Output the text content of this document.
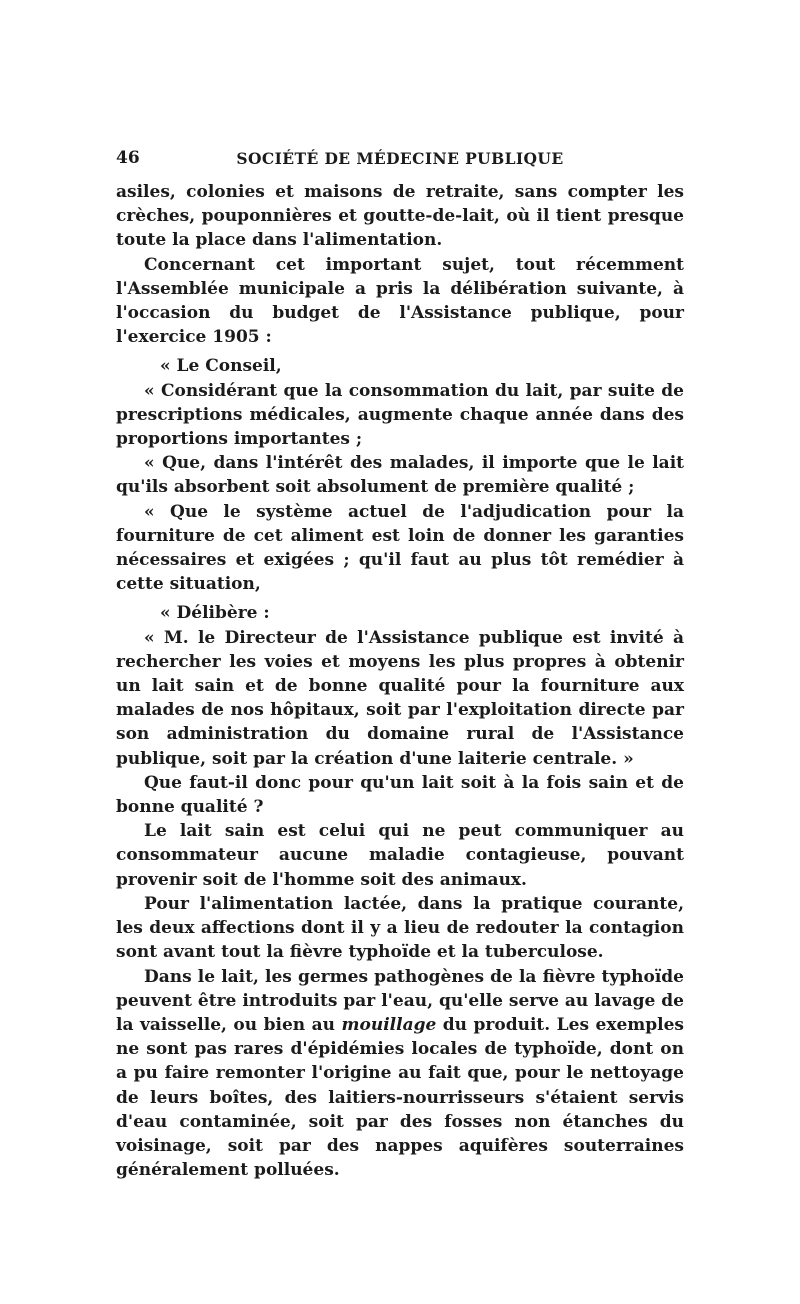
46	SOCIÉTÉ DE MÉDECINE PUBLIQUE

asiles, colonies et maisons de retraite, sans compter les crèches, pouponnières et goutte-de-lait, où il tient presque toute la place dans l'alimentation.

Concernant cet important sujet, tout récemment l'Assemblée municipale a pris la délibération suivante, à l'occasion du budget de l'Assistance publique, pour l'exercice 1905 :

« Le Conseil,

« Considérant que la consommation du lait, par suite de prescriptions médicales, augmente chaque année dans des proportions importantes ;

« Que, dans l'intérêt des malades, il importe que le lait qu'ils absorbent soit absolument de première qualité ;

« Que le système actuel de l'adjudication pour la fourniture de cet aliment est loin de donner les garanties nécessaires et exigées ; qu'il faut au plus tôt remédier à cette situation,

« Délibère :

« M. le Directeur de l'Assistance publique est invité à rechercher les voies et moyens les plus propres à obtenir un lait sain et de bonne qualité pour la fourniture aux malades de nos hôpitaux, soit par l'exploitation directe par son administration du domaine rural de l'Assistance publique, soit par la création d'une laiterie centrale. »

Que faut-il donc pour qu'un lait soit à la fois sain et de bonne qualité ?

Le lait sain est celui qui ne peut communiquer au consommateur aucune maladie contagieuse, pouvant provenir soit de l'homme soit des animaux.

Pour l'alimentation lactée, dans la pratique courante, les deux affections dont il y a lieu de redouter la contagion sont avant tout la fièvre typhoïde et la tuberculose.

Dans le lait, les germes pathogènes de la fièvre typhoïde peuvent être introduits par l'eau, qu'elle serve au lavage de la vaisselle, ou bien au mouillage du produit. Les exemples ne sont pas rares d'épidémies locales de typhoïde, dont on a pu faire remonter l'origine au fait que, pour le nettoyage de leurs boîtes, des laitiers-nourrisseurs s'étaient servis d'eau contaminée, soit par des fosses non étanches du voisinage, soit par des nappes aquifères souterraines généralement polluées.
